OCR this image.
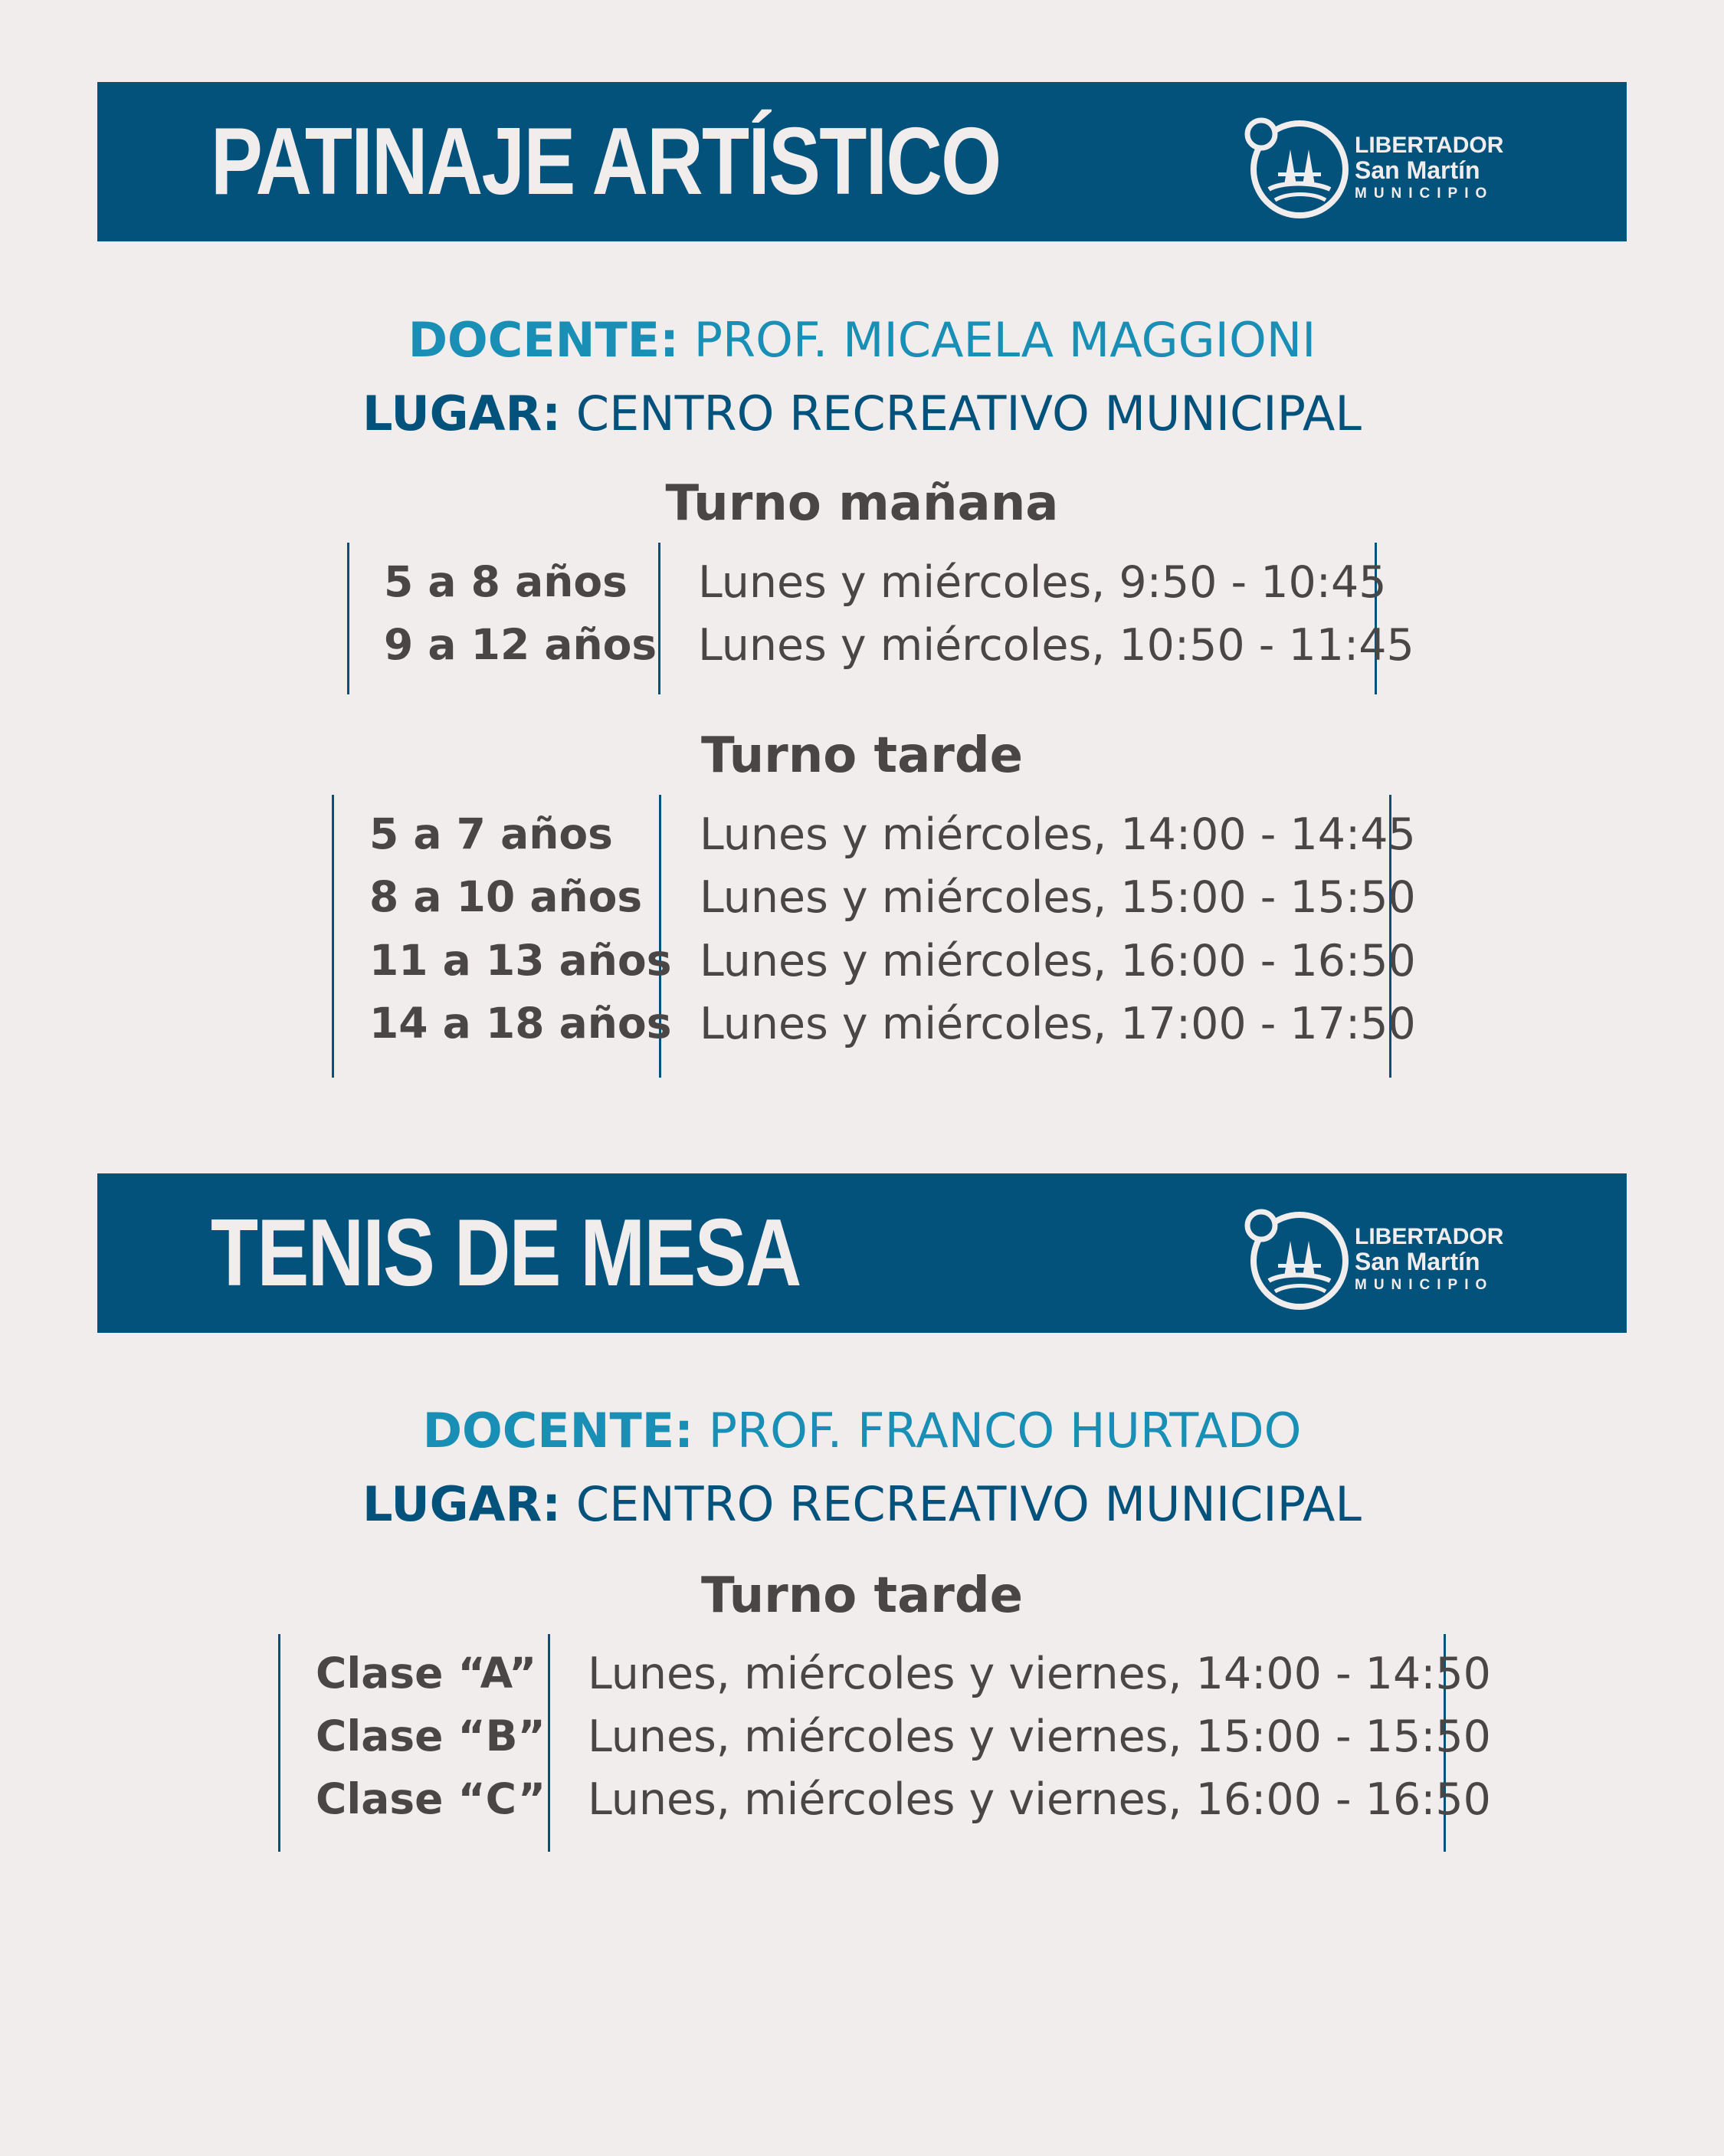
PATINAJE ARTÍSTICO	LIBERTADOR
San Martín
MUNICIPIO
DOCENTE: PROF. MICAELA MAGGIONI
LUGAR: CENTRO RECREATIVO MUNICIPAL
Turno mañana
5 a 8 años Lunes y miércoles, 9:50 - 10:45
9 a 12 años Lunes y miércoles, 10:50 - 11:45
Turno tarde
5 a 7 años Lunes y miércoles, 14:00 - 14:45
8 a 10 años Lunes y miércoles, 15:00 - 15:50
11 a 13 años Lunes y miércoles, 16:00 - 16:50
14 a 18 años Lunes y miércoles, 17:00 - 17:50
TENIS DE MESA	LIBERTADOR
San Martín
MUNICIPIO
DOCENTE: PROF. FRANCO HURTADO
LUGAR: CENTRO RECREATIVO MUNICIPAL
Turno tarde
Clase “A” Lunes, miércoles y viernes, 14:00 - 14:50
Clase “B” Lunes, miércoles y viernes, 15:00 - 15:50
Clase “C” Lunes, miércoles y viernes, 16:00 - 16:50
